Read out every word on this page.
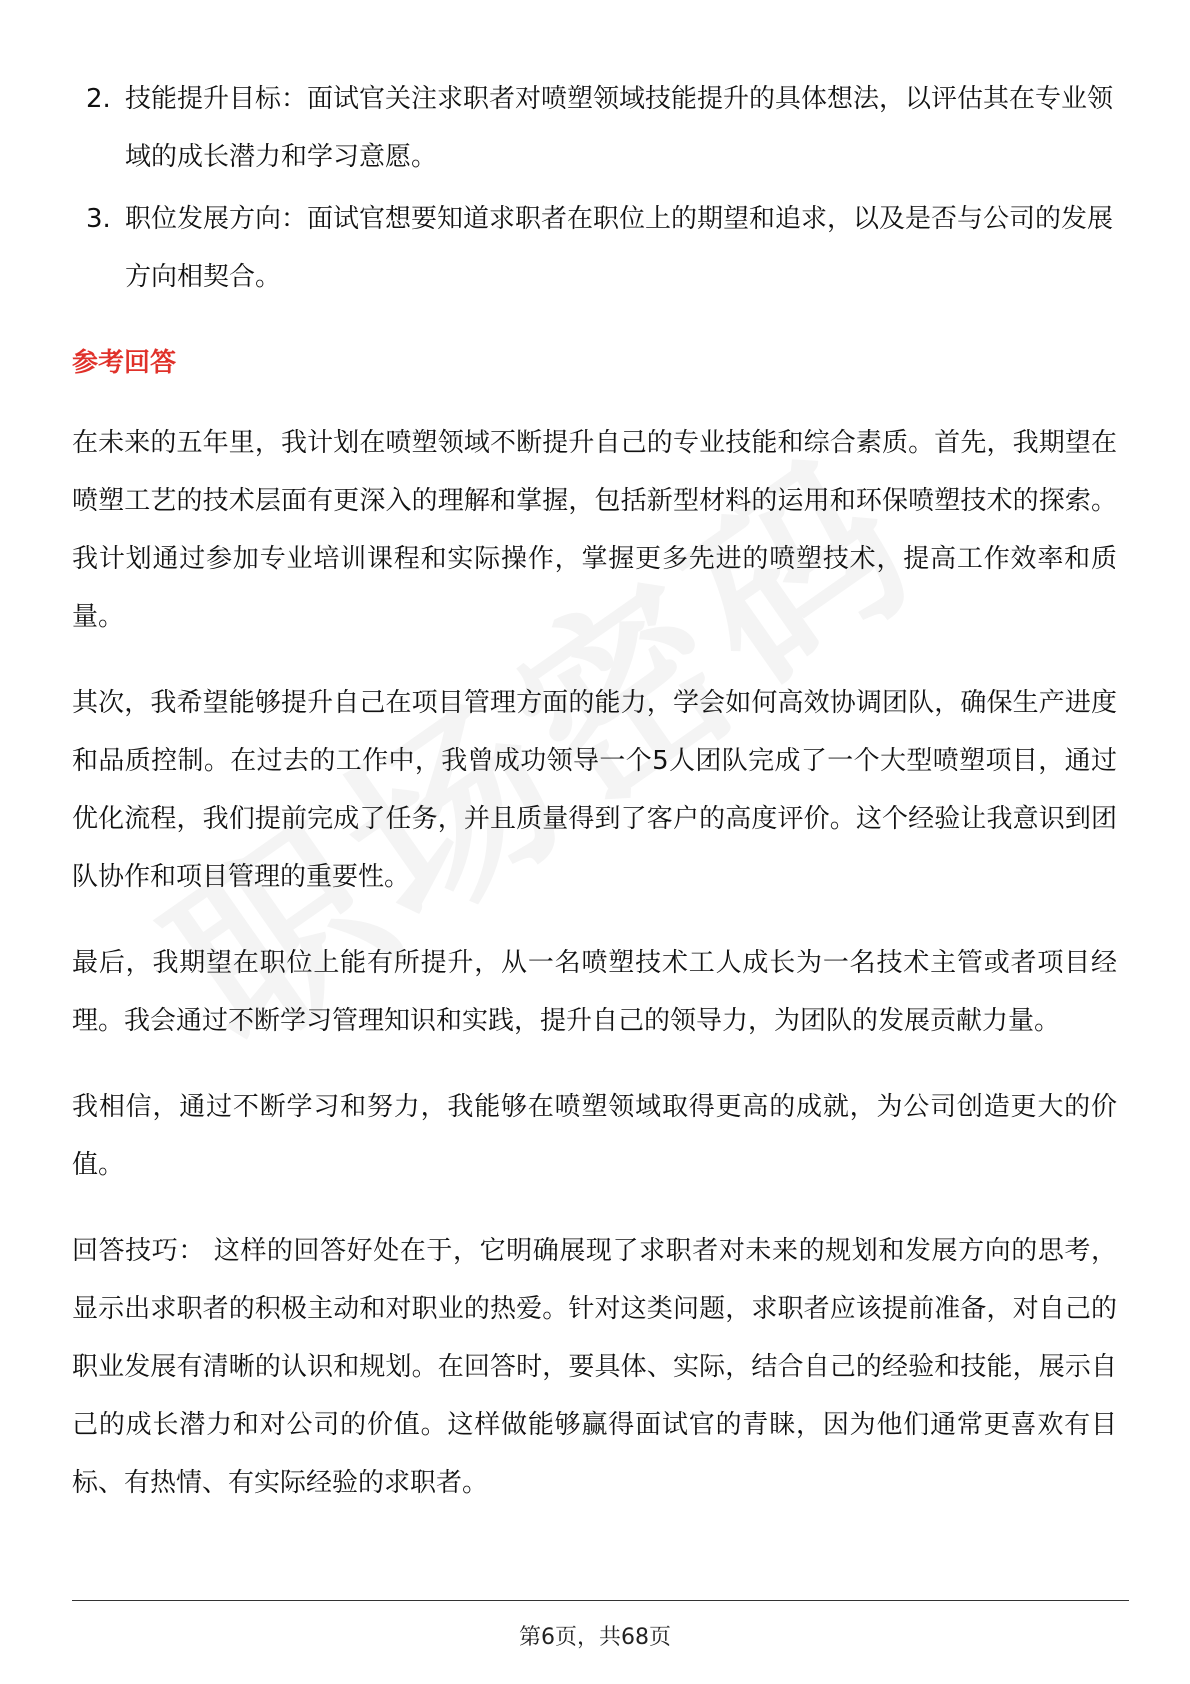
2. 技能提升目标：面试官关注求职者对喷塑领域技能提升的具体想法，以评估其在专业领域的成长潜力和学习意愿。
3. 职位发展方向：面试官想要知道求职者在职位上的期望和追求，以及是否与公司的发展方向相契合。
参考回答

在未来的五年里，我计划在喷塑领域不断提升自己的专业技能和综合素质。首先，我期望在喷塑工艺的技术层面有更深入的理解和掌握，包括新型材料的运用和环保喷塑技术的探索。我计划通过参加专业培训课程和实际操作，掌握更多先进的喷塑技术，提高工作效率和质量。

其次，我希望能够提升自己在项目管理方面的能力，学会如何高效协调团队，确保生产进度和品质控制。在过去的工作中，我曾成功领导一个5人团队完成了一个大型喷塑项目，通过优化流程，我们提前完成了任务，并且质量得到了客户的高度评价。这个经验让我意识到团队协作和项目管理的重要性。

最后，我期望在职位上能有所提升，从一名喷塑技术工人成长为一名技术主管或者项目经理。我会通过不断学习管理知识和实践，提升自己的领导力，为团队的发展贡献力量。

我相信，通过不断学习和努力，我能够在喷塑领域取得更高的成就，为公司创造更大的价值。

回答技巧： 这样的回答好处在于，它明确展现了求职者对未来的规划和发展方向的思考，显示出求职者的积极主动和对职业的热爱。针对这类问题，求职者应该提前准备，对自己的职业发展有清晰的认识和规划。在回答时，要具体、实际，结合自己的经验和技能，展示自己的成长潜力和对公司的价值。这样做能够赢得面试官的青睐，因为他们通常更喜欢有目标、有热情、有实际经验的求职者。

第6页，共68页
